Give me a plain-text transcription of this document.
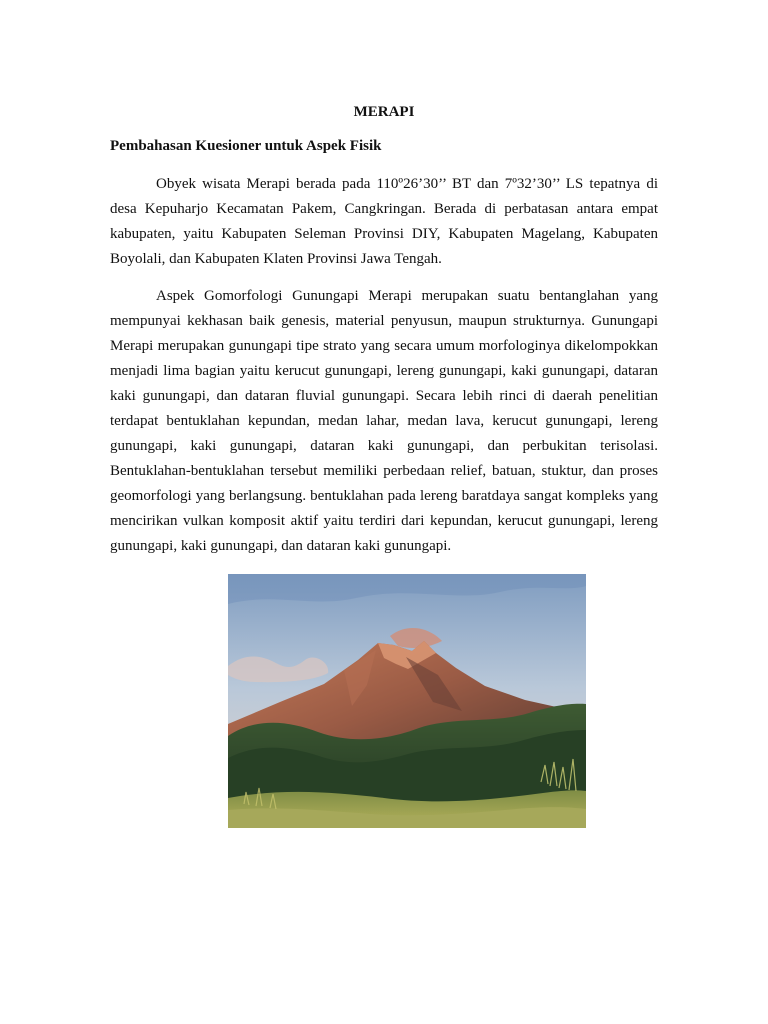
MERAPI
Pembahasan Kuesioner untuk Aspek Fisik

Obyek wisata Merapi berada pada 110º26’30’’ BT dan 7º32’30’’ LS tepatnya di desa Kepuharjo Kecamatan Pakem, Cangkringan. Berada di perbatasan antara empat kabupaten, yaitu Kabupaten Seleman Provinsi DIY, Kabupaten Magelang, Kabupaten Boyolali, dan Kabupaten Klaten Provinsi Jawa Tengah.

Aspek Gomorfologi Gunungapi Merapi merupakan suatu bentanglahan yang mempunyai kekhasan baik genesis, material penyusun, maupun strukturnya. Gunungapi Merapi merupakan gunungapi tipe strato yang secara umum morfologinya dikelompokkan menjadi lima bagian yaitu kerucut gunungapi, lereng gunungapi, kaki gunungapi, dataran kaki gunungapi, dan dataran fluvial gunungapi. Secara lebih rinci di daerah penelitian terdapat bentuklahan kepundan, medan lahar, medan lava, kerucut gunungapi, lereng gunungapi, kaki gunungapi, dataran kaki gunungapi, dan perbukitan terisolasi. Bentuklahan-bentuklahan tersebut memiliki perbedaan relief, batuan, stuktur, dan proses geomorfologi yang berlangsung. bentuklahan pada lereng baratdaya sangat kompleks yang mencirikan vulkan komposit aktif yaitu terdiri dari kepundan, kerucut gunungapi, lereng gunungapi, kaki gunungapi, dan dataran kaki gunungapi.
